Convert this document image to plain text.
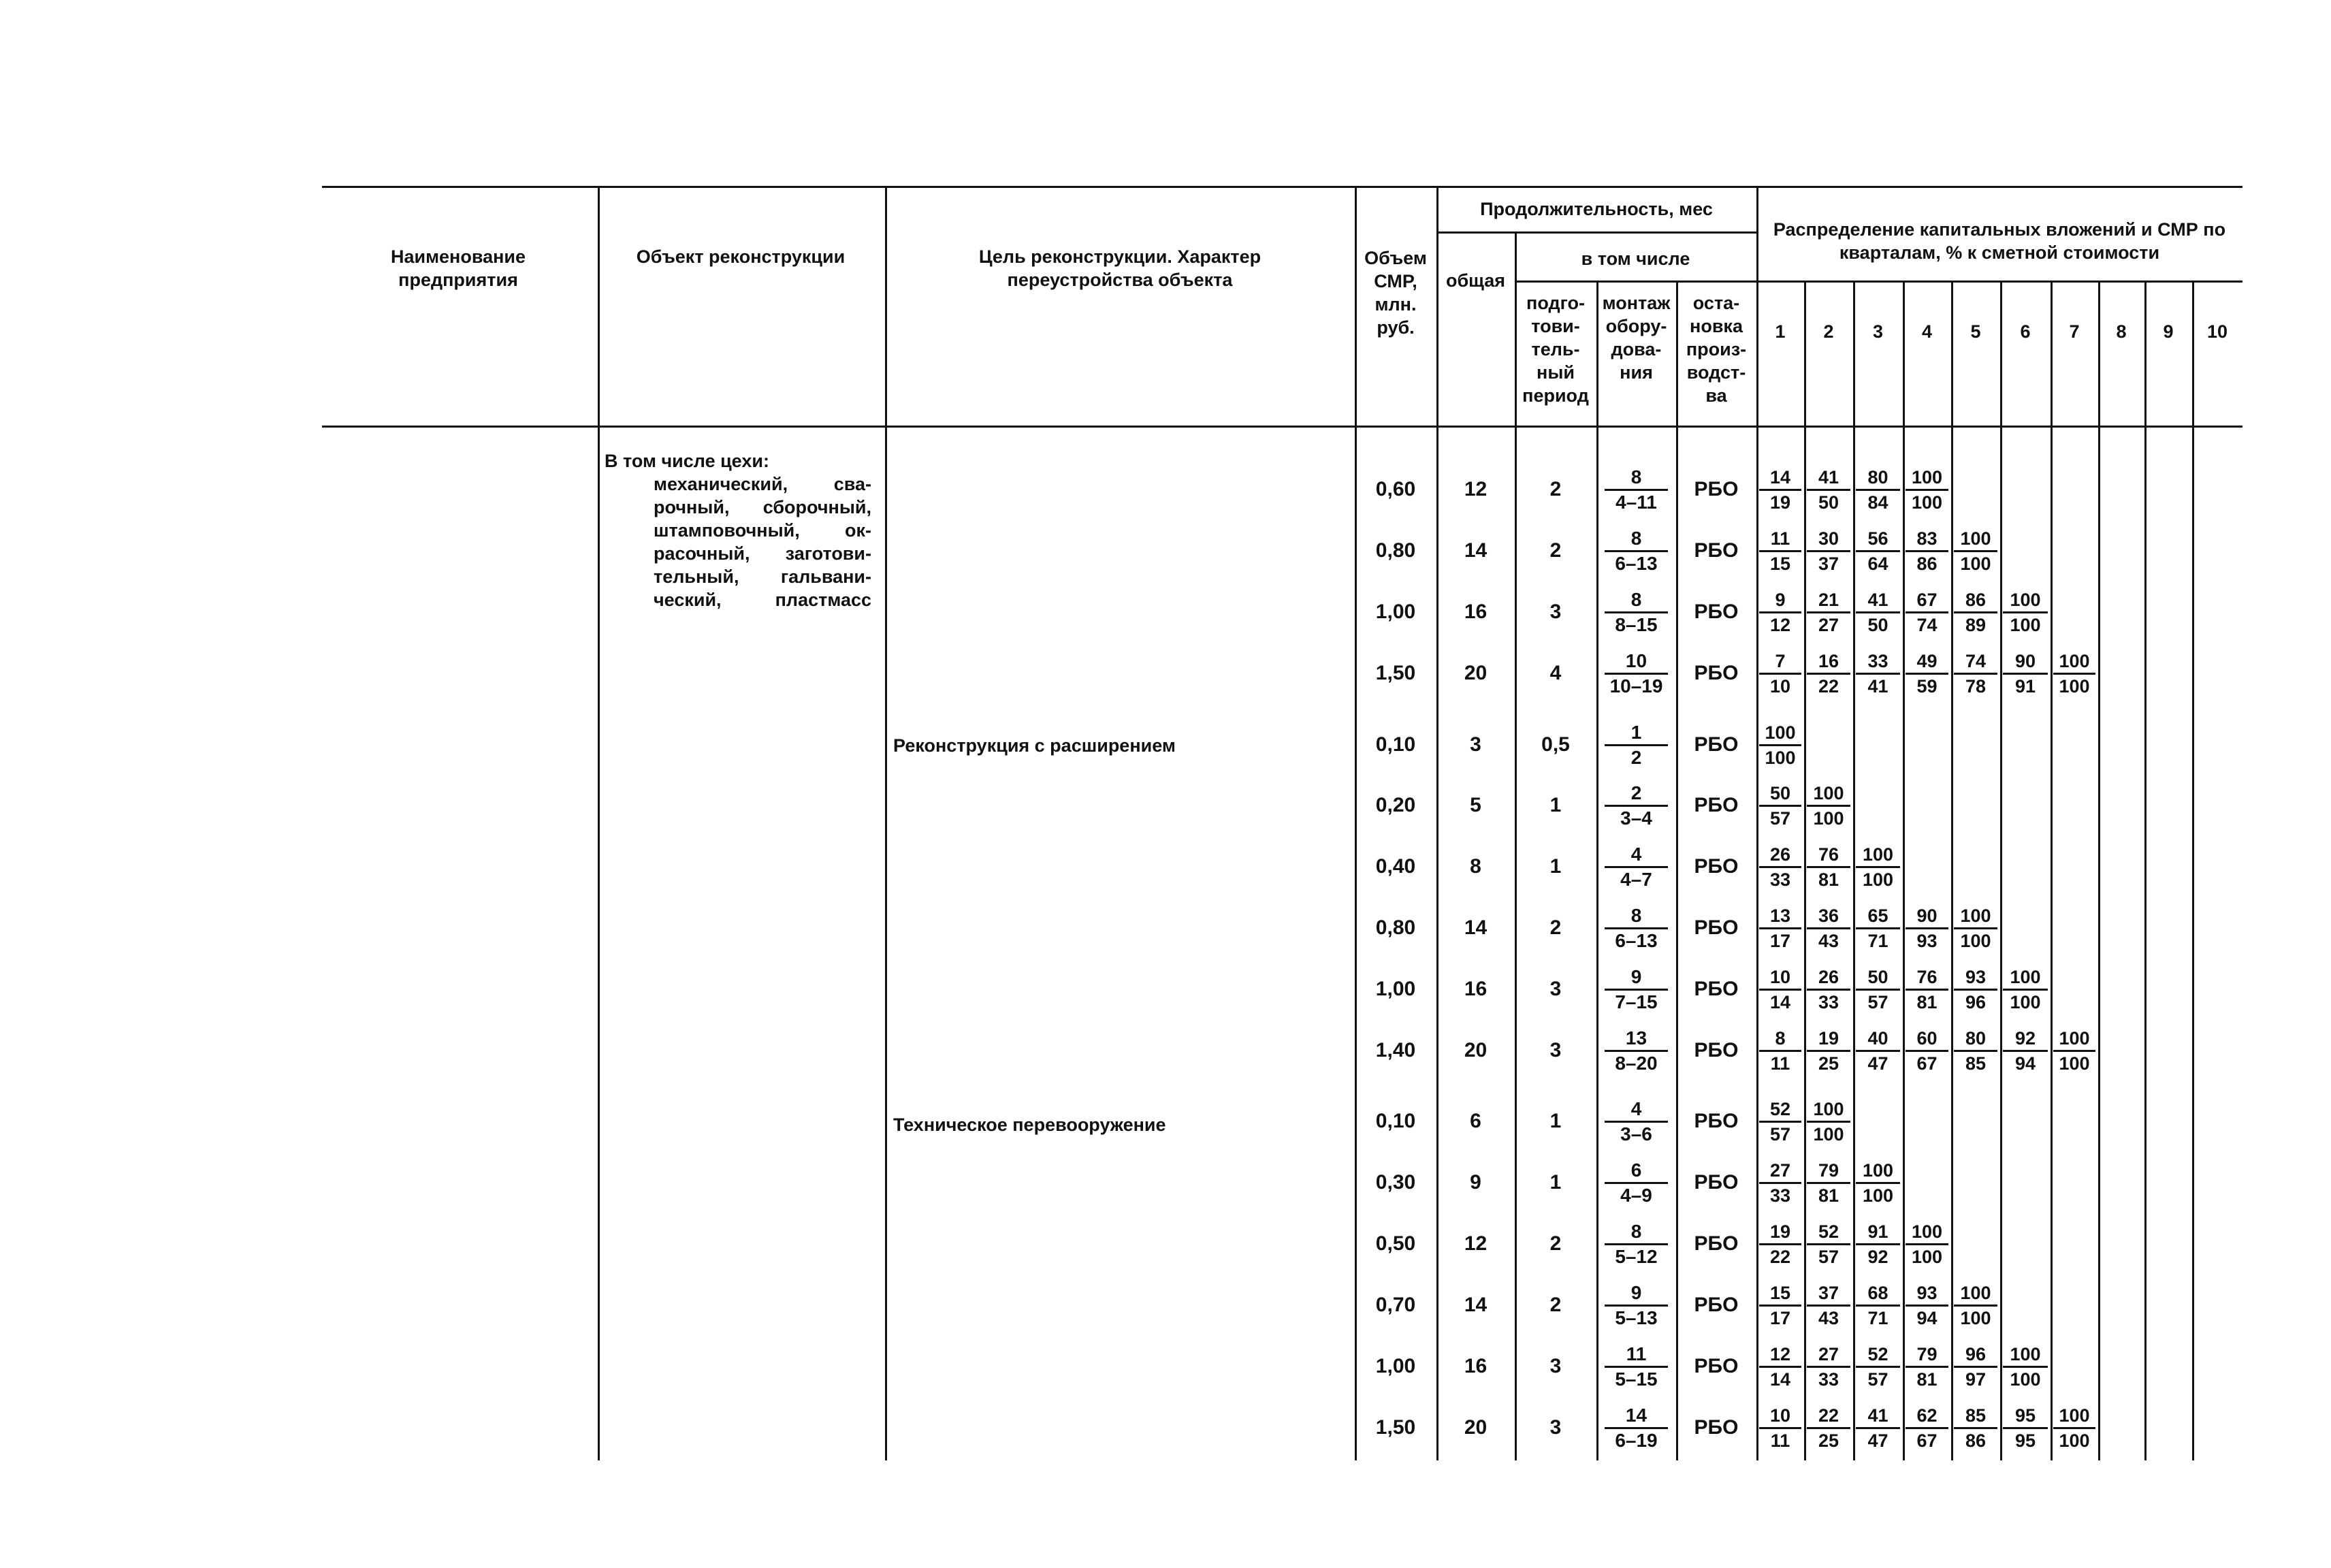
Наименование предприятия
Объект реконструкции	Цель реконструкции. Характер переустройства объекта
Объем СМР, млн. руб.
Продолжительность, мес
общая
в том числе
подго- тови- тель- ный период
монтаж обору- дова- ния
оста- новка произ- водст- ва
Распределение капитальных вложений и СМР по кварталам, % к сметной стоимости
1	2	3	4	5	6	7	8	9	10
В том числе цехи:
механический, сва-
рочный, сборочный,
штамповочный, ок-
расочный, заготови-
тельный, гальвани-
ческий, пластмасс
Реконструкция с расширением
Техническое перевооружение
0,60	12	2	$\frac{8}{4-11}$	РБО	$\frac{14}{19} \frac{41}{50} \frac{80}{84} \frac{100}{100}$
0,80	14	2	$\frac{8}{6-13}$	РБО	$\frac{11}{15} \frac{30}{37} \frac{56}{64} \frac{83}{86} \frac{100}{100}$
1,00	16	3	$\frac{8}{8-15}$	РБО	$\frac{9}{12} \frac{21}{27} \frac{41}{50} \frac{67}{74} \frac{86}{89} \frac{100}{100}$
1,50	20	4	$\frac{10}{10-19}$	РБО	$\frac{7}{10} \frac{16}{22} \frac{33}{41} \frac{49}{59} \frac{74}{78} \frac{90}{91} \frac{100}{100}$
0,10	3	0,5	$\frac{1}{2}$	РБО	$\frac{100}{100}$
0,20	5	1	$\frac{2}{3-4}$	РБО	$\frac{50}{57} \frac{100}{100}$
0,40	8	1	$\frac{4}{4-7}$	РБО	$\frac{26}{33} \frac{76}{81} \frac{100}{100}$
0,80	14	2	$\frac{8}{6-13}$	РБО	$\frac{13}{17} \frac{36}{43} \frac{65}{71} \frac{90}{93} \frac{100}{100}$
1,00	16	3	$\frac{9}{7-15}$	РБО	$\frac{10}{14} \frac{26}{33} \frac{50}{57} \frac{76}{81} \frac{93}{96} \frac{100}{100}$
1,40	20	3	$\frac{13}{8-20}$	РБО	$\frac{8}{11} \frac{19}{25} \frac{40}{47} \frac{60}{67} \frac{80}{85} \frac{92}{94} \frac{100}{100}$
0,10	6	1	$\frac{4}{3-6}$	РБО	$\frac{52}{57} \frac{100}{100}$
0,30	9	1	$\frac{6}{4-9}$	РБО	$\frac{27}{33} \frac{79}{81} \frac{100}{100}$
0,50	12	2	$\frac{8}{5-12}$	РБО	$\frac{19}{22} \frac{52}{57} \frac{91}{92} \frac{100}{100}$
0,70	14	2	$\frac{9}{5-13}$	РБО	$\frac{15}{17} \frac{37}{43} \frac{68}{71} \frac{93}{94} \frac{100}{100}$
1,00	16	3	$\frac{11}{5-15}$	РБО	$\frac{12}{14} \frac{27}{33} \frac{52}{57} \frac{79}{81} \frac{96}{97} \frac{100}{100}$
1,50	20	3	$\frac{14}{6-19}$	РБО	$\frac{10}{11} \frac{22}{25} \frac{41}{47} \frac{62}{67} \frac{85}{86} \frac{95}{95} \frac{100}{100}$
